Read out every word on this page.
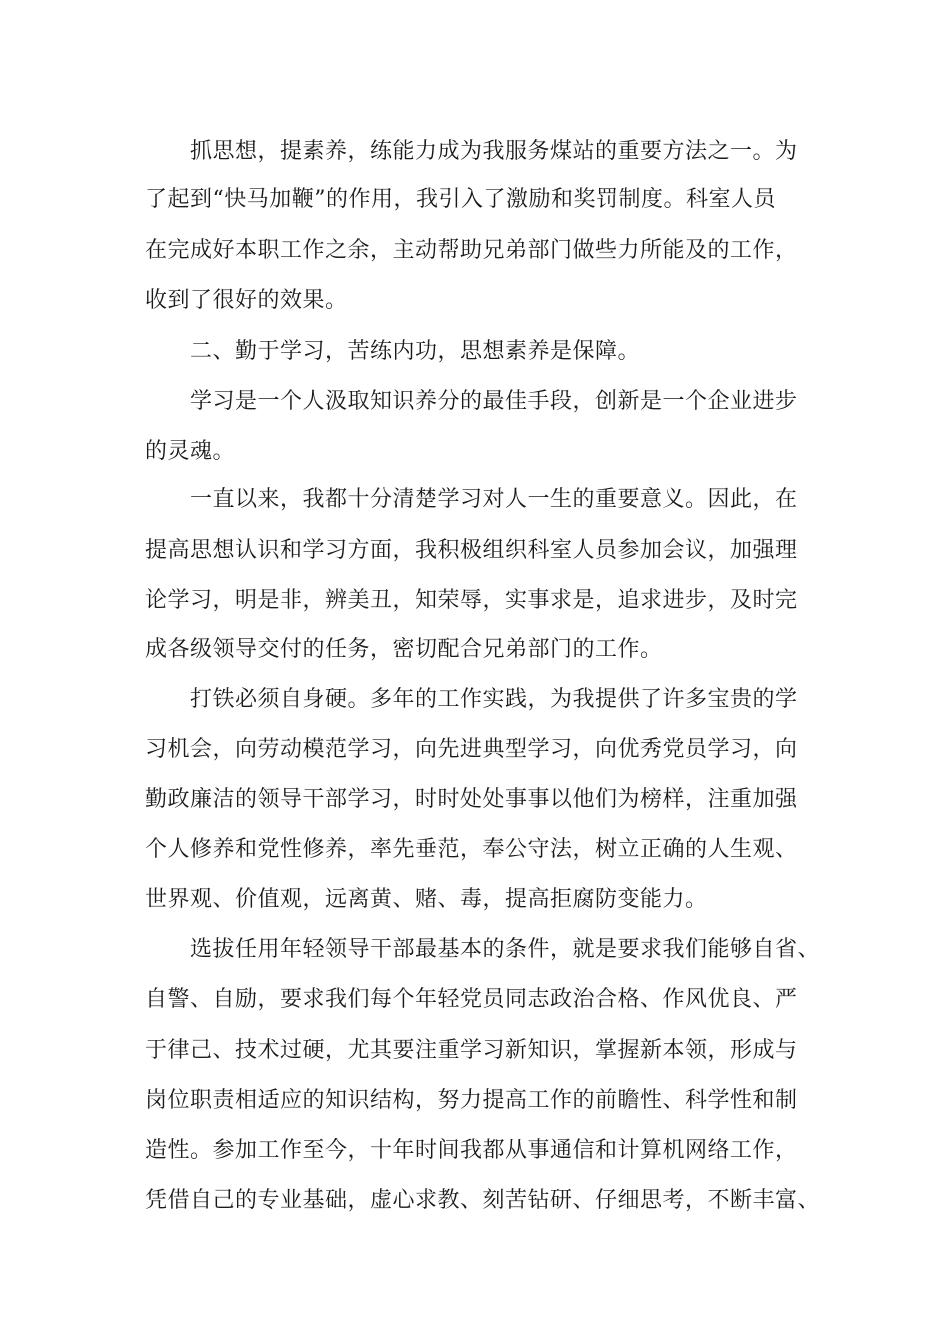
抓思想，提素养，练能力成为我服务煤站的重要方法之一。为
了起到“快马加鞭”的作用，我引入了激励和奖罚制度。科室人员
在完成好本职工作之余，主动帮助兄弟部门做些力所能及的工作，
收到了很好的效果。
二、勤于学习，苦练内功，思想素养是保障。
学习是一个人汲取知识养分的最佳手段，创新是一个企业进步
的灵魂。
一直以来，我都十分清楚学习对人一生的重要意义。因此，在
提高思想认识和学习方面，我积极组织科室人员参加会议，加强理
论学习，明是非，辨美丑，知荣辱，实事求是，追求进步，及时完
成各级领导交付的任务，密切配合兄弟部门的工作。
打铁必须自身硬。多年的工作实践，为我提供了许多宝贵的学
习机会，向劳动模范学习，向先进典型学习，向优秀党员学习，向
勤政廉洁的领导干部学习，时时处处事事以他们为榜样，注重加强
个人修养和党性修养，率先垂范，奉公守法，树立正确的人生观、
世界观、价值观，远离黄、赌、毒，提高拒腐防变能力。
选拔任用年轻领导干部最基本的条件，就是要求我们能够自省、
自警、自励，要求我们每个年轻党员同志政治合格、作风优良、严
于律己、技术过硬，尤其要注重学习新知识，掌握新本领，形成与
岗位职责相适应的知识结构，努力提高工作的前瞻性、科学性和制
造性。参加工作至今，十年时间我都从事通信和计算机网络工作，
凭借自己的专业基础，虚心求教、刻苦钻研、仔细思考，不断丰富、
